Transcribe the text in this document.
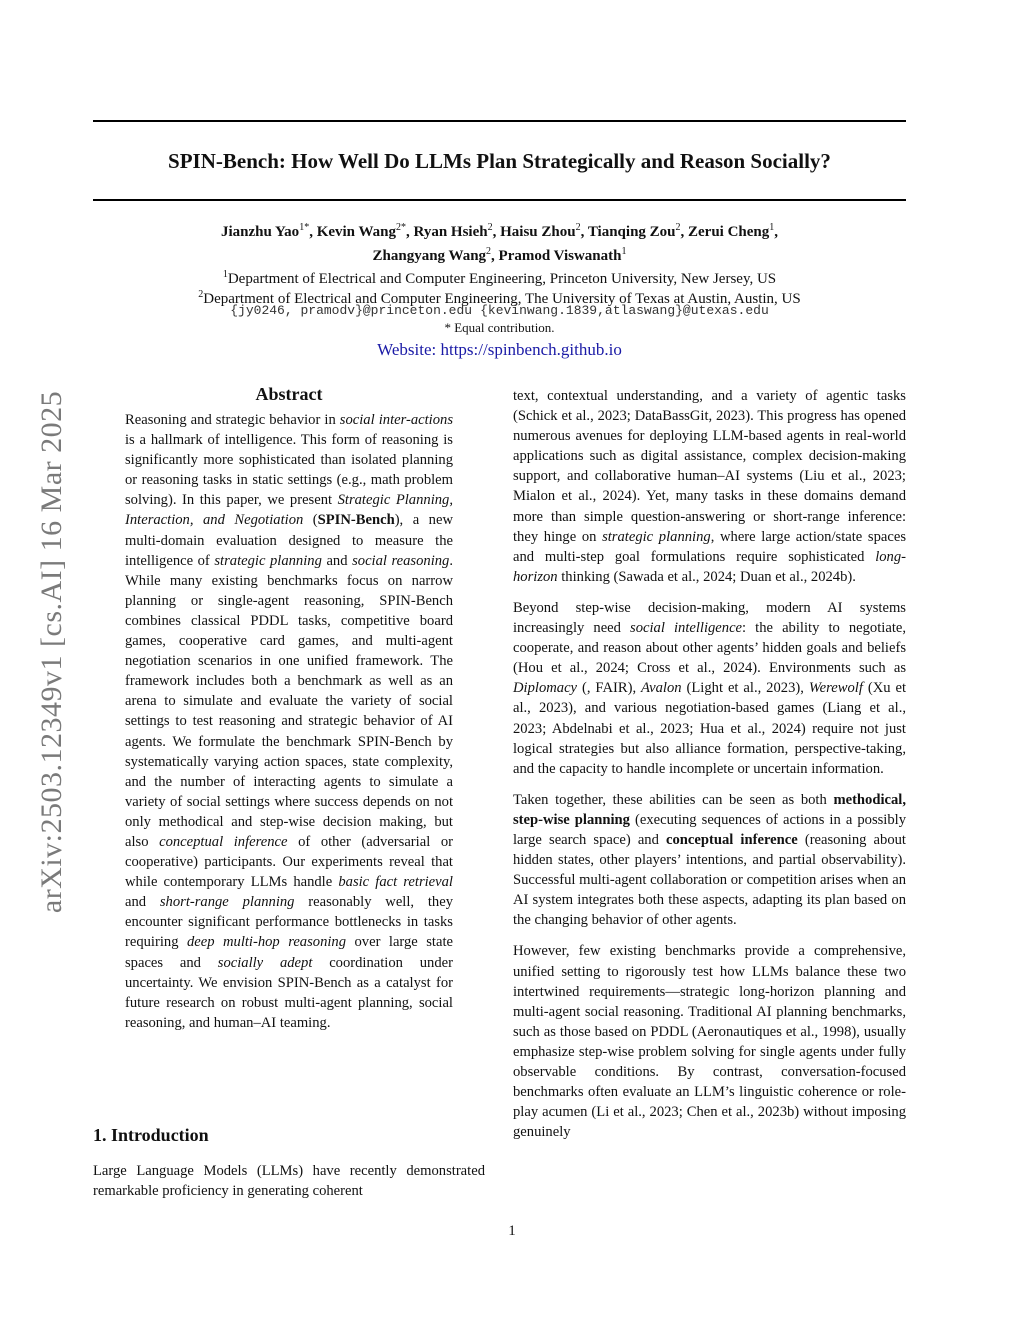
SPIN-Bench: How Well Do LLMs Plan Strategically and Reason Socially?
Jianzhu Yao$^{1*}$, Kevin Wang$^{2*}$, Ryan Hsieh$^2$, Haisu Zhou$^2$, Tianqing Zou$^2$, Zerui Cheng$^1$,
Zhangyang Wang$^2$, Pramod Viswanath$^1$
$^1$Department of Electrical and Computer Engineering, Princeton University, New Jersey, US
$^2$Department of Electrical and Computer Engineering, The University of Texas at Austin, Austin, US
{jy0246, pramodv}@princeton.edu {kevinwang.1839,atlaswang}@utexas.edu
* Equal contribution.
Website: https://spinbench.github.io
arXiv:2503.12349v1 [cs.AI] 16 Mar 2025	Abstract

Reasoning and strategic behavior in social inter-actions is a hallmark of intelligence. This form of reasoning is significantly more sophisticated than isolated planning or reasoning tasks in static settings (e.g., math problem solving). In this paper, we present Strategic Planning, Interaction, and Negotiation (SPIN-Bench), a new multi-domain evaluation designed to measure the intelligence of strategic planning and social reasoning. While many existing benchmarks focus on narrow planning or single-agent reasoning, SPIN-Bench combines classical PDDL tasks, competitive board games, cooperative card games, and multi-agent negotiation scenarios in one unified framework. The framework includes both a benchmark as well as an arena to simulate and evaluate the variety of social settings to test reasoning and strategic behavior of AI agents. We formulate the benchmark SPIN-Bench by systematically varying action spaces, state complexity, and the number of interacting agents to simulate a variety of social settings where success depends on not only methodical and step-wise decision making, but also conceptual inference of other (adversarial or cooperative) participants. Our experiments reveal that while contemporary LLMs handle basic fact retrieval and short-range planning reasonably well, they encounter significant performance bottlenecks in tasks requiring deep multi-hop reasoning over large state spaces and socially adept coordination under uncertainty. We envision SPIN-Bench as a catalyst for future research on robust multi-agent planning, social reasoning, and human–AI teaming.

1. Introduction

Large Language Models (LLMs) have recently demonstrated remarkable proficiency in generating coherent

text, contextual understanding, and a variety of agentic tasks (Schick et al., 2023; DataBassGit, 2023). This progress has opened numerous avenues for deploying LLM-based agents in real-world applications such as digital assistance, complex decision-making support, and collaborative human–AI systems (Liu et al., 2023; Mialon et al., 2024). Yet, many tasks in these domains demand more than simple question-answering or short-range inference: they hinge on strategic planning, where large action/state spaces and multi-step goal formulations require sophisticated long-horizon thinking (Sawada et al., 2024; Duan et al., 2024b).

Beyond step-wise decision-making, modern AI systems increasingly need social intelligence: the ability to negotiate, cooperate, and reason about other agents’ hidden goals and beliefs (Hou et al., 2024; Cross et al., 2024). Environments such as Diplomacy (, FAIR), Avalon (Light et al., 2023), Werewolf (Xu et al., 2023), and various negotiation-based games (Liang et al., 2023; Abdelnabi et al., 2023; Hua et al., 2024) require not just logical strategies but also alliance formation, perspective-taking, and the capacity to handle incomplete or uncertain information.

Taken together, these abilities can be seen as both methodical, step-wise planning (executing sequences of actions in a possibly large search space) and conceptual inference (reasoning about hidden states, other players’ intentions, and partial observability). Successful multi-agent collaboration or competition arises when an AI system integrates both these aspects, adapting its plan based on the changing behavior of other agents.

However, few existing benchmarks provide a comprehensive, unified setting to rigorously test how LLMs balance these two intertwined requirements—strategic long-horizon planning and multi-agent social reasoning. Traditional AI planning benchmarks, such as those based on PDDL (Aeronautiques et al., 1998), usually emphasize step-wise problem solving for single agents under fully observable conditions. By contrast, conversation-focused benchmarks often evaluate an LLM’s linguistic coherence or role-play acumen (Li et al., 2023; Chen et al., 2023b) without imposing genuinely

1
